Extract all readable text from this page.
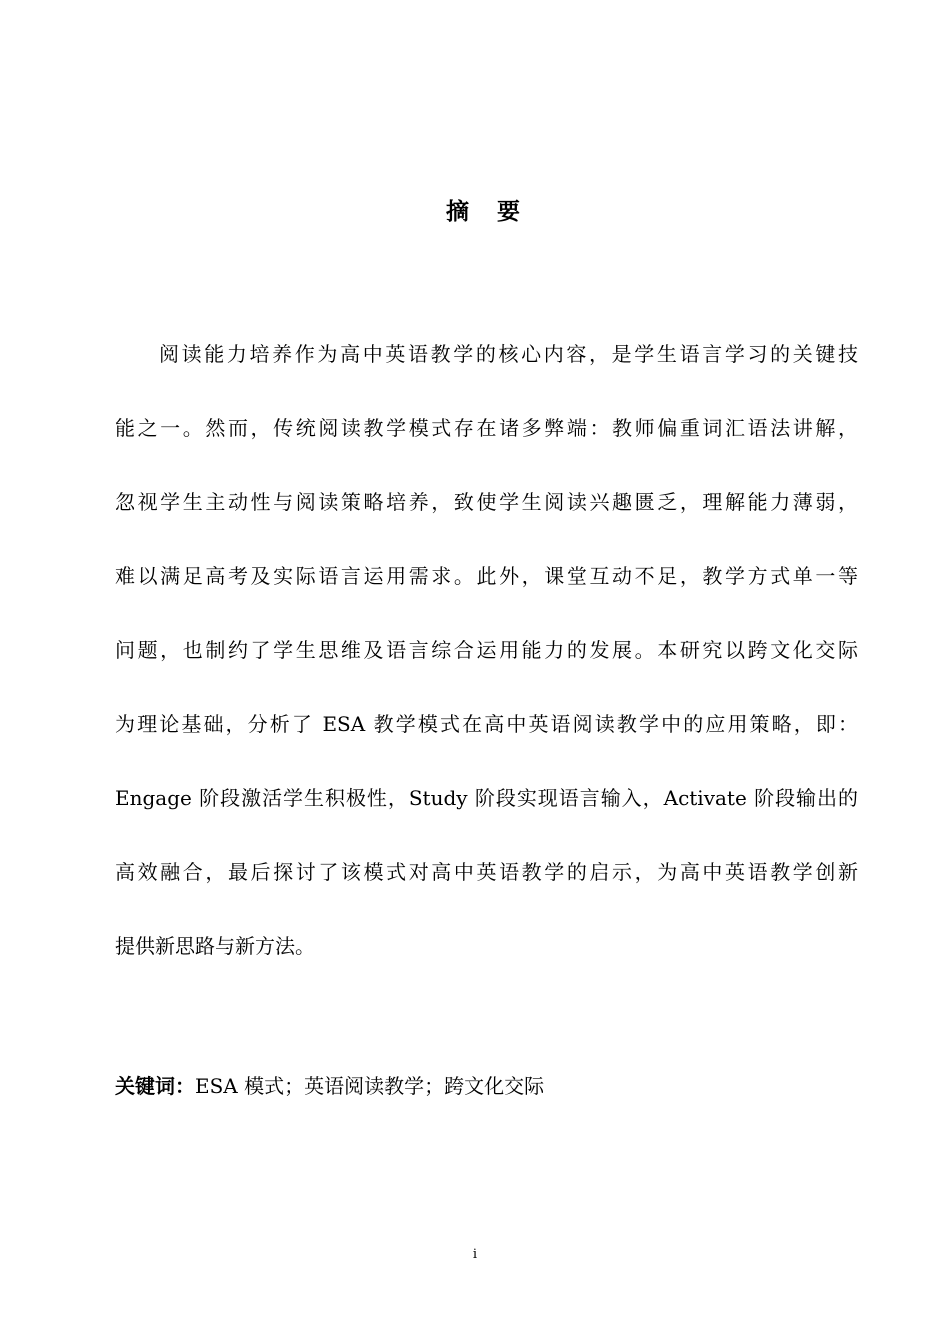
摘 要
阅读能力培养作为高中英语教学的核心内容，是学生语言学习的关键技
能之一。然而，传统阅读教学模式存在诸多弊端：教师偏重词汇语法讲解，
忽视学生主动性与阅读策略培养，致使学生阅读兴趣匮乏，理解能力薄弱，
难以满足高考及实际语言运用需求。此外，课堂互动不足，教学方式单一等
问题，也制约了学生思维及语言综合运用能力的发展。本研究以跨文化交际
为理论基础，分析了 ESA 教学模式在高中英语阅读教学中的应用策略，即：
Engage 阶段激活学生积极性，Study 阶段实现语言输入，Activate 阶段输出的
高效融合，最后探讨了该模式对高中英语教学的启示，为高中英语教学创新
提供新思路与新方法。
关键词：ESA 模式；英语阅读教学；跨文化交际
i
